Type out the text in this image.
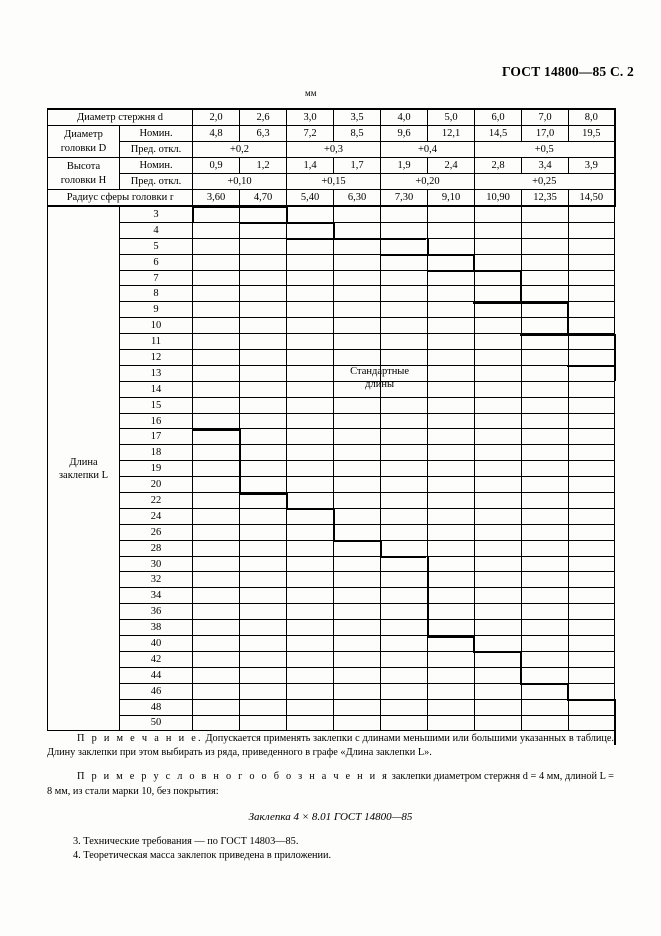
ГОСТ 14800—85 С. 2
мм
Диаметр стержня d		2,0	2,6	3,0	3,5	4,0	5,0	6,0	7,0	8,0

Диаметр
головки D	Номин.	4,8	6,3	7,2	8,5	9,6	12,1	14,5	17,0	19,5
	Пред. откл.	+0,2		+0,3		+0,4		+0,5		

Высота
головки H	Номин.	0,9	1,2	1,4	1,7	1,9	2,4	2,8	3,4	3,9
	Пред. откл.	+0,10		+0,15		+0,20		+0,25		
Радиус сферы головки r		3,60	4,70	5,40	6,30	7,30	9,10	10,90	12,35	14,50
Длина
заклепки L	3									
	4									
	5									
	6									
	7									
	8									
	9									
	10									
	11									
	12									
	13									
	14									
	15									
	16									
	17									
	18									
	19									
	20									
	22									
	24									
	26									
	28									
	30									
	32									
	34									
	36									
	38									
	40									
	42									
	44									
	46									
	48									
	50									
Стандартные
длины

П р и м е ч а н и е. Допускается применять заклепки с длинами меньшими или большими указанных в таблице. Длину заклепки при этом выбирать из ряда, приведенного в графе «Длина заклепки L».

П р и м е р у с л о в н о г о о б о з н а ч е н и я заклепки диаметром стержня d = 4 мм, длиной L = 8 мм, из стали марки 10, без покрытия:

Заклепка 4 × 8.01 ГОСТ 14800—85
3. Технические требования — по ГОСТ 14803—85.
4. Теоретическая масса заклепок приведена в приложении.
